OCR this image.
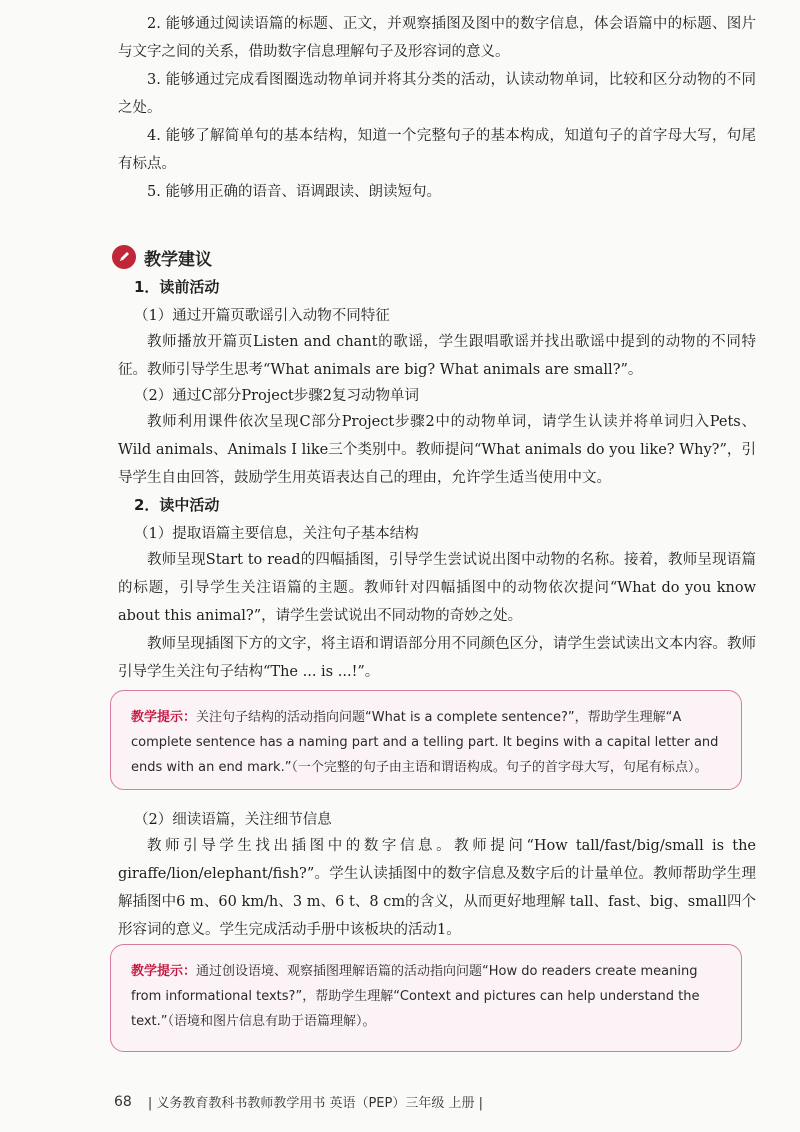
2. 能够通过阅读语篇的标题、正文，并观察插图及图中的数字信息，体会语篇中的标题、图片与文字之间的关系，借助数字信息理解句子及形容词的意义。

3. 能够通过完成看图圈选动物单词并将其分类的活动，认读动物单词，比较和区分动物的不同之处。

4. 能够了解简单句的基本结构，知道一个完整句子的基本构成，知道句子的首字母大写，句尾有标点。

5. 能够用正确的语音、语调跟读、朗读短句。

教学建议
1．读前活动
（1）通过开篇页歌谣引入动物不同特征

教师播放开篇页Listen and chant的歌谣，学生跟唱歌谣并找出歌谣中提到的动物的不同特征。教师引导学生思考“What animals are big? What animals are small?”。

（2）通过C部分Project步骤2复习动物单词

教师利用课件依次呈现C部分Project步骤2中的动物单词，请学生认读并将单词归入Pets、Wild animals、Animals I like三个类别中。教师提问“What animals do you like? Why?”，引导学生自由回答，鼓励学生用英语表达自己的理由，允许学生适当使用中文。

2．读中活动
（1）提取语篇主要信息，关注句子基本结构

教师呈现Start to read的四幅插图，引导学生尝试说出图中动物的名称。接着，教师呈现语篇的标题，引导学生关注语篇的主题。教师针对四幅插图中的动物依次提问“What do you know about this animal?”，请学生尝试说出不同动物的奇妙之处。

教师呈现插图下方的文字，将主语和谓语部分用不同颜色区分，请学生尝试读出文本内容。教师引导学生关注句子结构“The ... is ...!”。

教学提示：关注句子结构的活动指向问题“What is a complete sentence?”，帮助学生理解“A complete sentence has a naming part and a telling part. It begins with a capital letter and ends with an end mark.”（一个完整的句子由主语和谓语构成。句子的首字母大写，句尾有标点）。
（2）细读语篇，关注细节信息

教师引导学生找出插图中的数字信息。教师提问“How tall/fast/big/small is the giraffe/lion/elephant/fish?”。学生认读插图中的数字信息及数字后的计量单位。教师帮助学生理解插图中6 m、60 km/h、3 m、6 t、8 cm的含义，从而更好地理解 tall、fast、big、small四个形容词的意义。学生完成活动手册中该板块的活动1。

教学提示：通过创设语境、观察插图理解语篇的活动指向问题“How do readers create meaning from informational texts?”，帮助学生理解“Context and pictures can help understand the text.”（语境和图片信息有助于语篇理解）。
68 | 义务教育教科书教师教学用书 英语（PEP）三年级 上册 |
